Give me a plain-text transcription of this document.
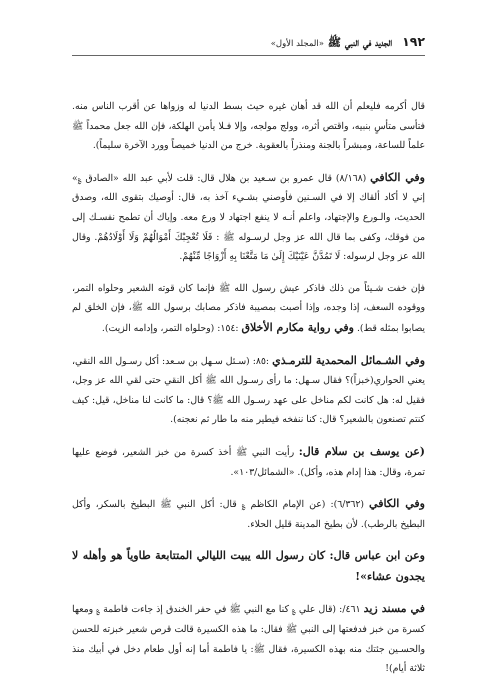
١٩٢
الجديد في النبي ﷺ «المجلد الأول»

قال أكرمه فليعلم أن الله قد أهان غيره حيث بسط الدنيا له وزواها عن أقرب الناس منه. فتأسى متأسٍ بنبيه، واقتص أثره، وولج مولجه، وإلا فـلا يأمن الهلكة، فإن الله جعل محمداً ﷺ علماً للساعة، ومبشراً بالجنة ومنذراً بالعقوبة. خرج من الدنيا خميصاً وورد الآخرة سليماً).

وفي الكافي (٨/١٦٨) قال عمرو بن سـعيد بن هلال قال: قلت لأبي عبد الله «الصادق ؏» إني لا أكاد ألقاك إلا في السـنين فأوصني بشـيء آخذ به، قال: أوصيك بتقوى الله، وصدق الحديث، والـورع والإجتهاد، واعلم أنـه لا ينفع اجتهاد لا ورع معه. وإياك أن تطمح نفسـك إلى من فوقك، وكفى بما قال الله عز وجل لرسـوله ﷺ : فَلَا تُعْجِبْكَ أَمْوَالُهُمْ وَلَا أَوْلَادُهُمْ. وقال الله عز وجل لرسوله: لَا تَمُدَّنَّ عَيْنَيْكَ إِلَىٰ مَا مَتَّعْنَا بِهِ أَزْوَاجًا مِّنْهُمْ.

فإن خفت شـيئاً من ذلك فاذكر عيش رسول الله ﷺ فإنما كان قوته الشعير وحلواه التمر، ووقوده السعف، إذا وجده، وإذا أصبت بمصيبة فاذكر مصابك برسول الله ﷺ، فإن الخلق لم يصابوا بمثله قط). وفي رواية مكارم الأخلاق :١٥٤: (وحلواه التمر، وإدامه الزيت).

وفي الشـمائل المحمدية للترمـذي :٨٥: (سـئل سـهل بن سـعد: أكل رسـول الله النقي، يعني الحواري(خبزاً)؟ فقال سـهل: ما رأى رسـول الله ﷺ أكل النقي حتى لقي الله عز وجل، فقيل له: هل كانت لكم مناخل على عهد رسـول الله ﷺ؟ قال: ما كانت لنا مناخل، قيل: كيف كنتم تصنعون بالشعير؟ قال: كنا ننفخه فيطير منه ما طار ثم نعجنه).

(عن يوسف بن سلام قال: رأيت النبي ﷺ أخذ كسرة من خبز الشعير، فوضع عليها تمرة، وقال: هذا إدام هذه، وأكل). «الشمائل/١٠٣».

وفي الكافي (٦/٣٦٢): (عن الإمام الكاظم ؏ قال: أكل النبي ﷺ البطيخ بالسكر، وأكل البطيخ بالرطب). لأن بطيخ المدينة قليل الحلاء.

وعن ابن عباس قال: كان رسول الله يبيت الليالي المتتابعة طاوياً هو وأهله لا يجدون عشاء»!

في مسند زيد ٤٦١/: (قال علي ؏ كنا مع النبي ﷺ في حفر الخندق إذ جاءت فاطمة ؏ ومعها كسرة من خبز فدفعتها إلى النبي ﷺ فقال: ما هذه الكسيرة قالت قرص شعير خبزته للحسن والحسـين جئتك منه بهذه الكسيرة، فقال ﷺ: يا فاطمة أما إنه أول طعام دخل في أبيك منذ ثلاثة أيام)!
